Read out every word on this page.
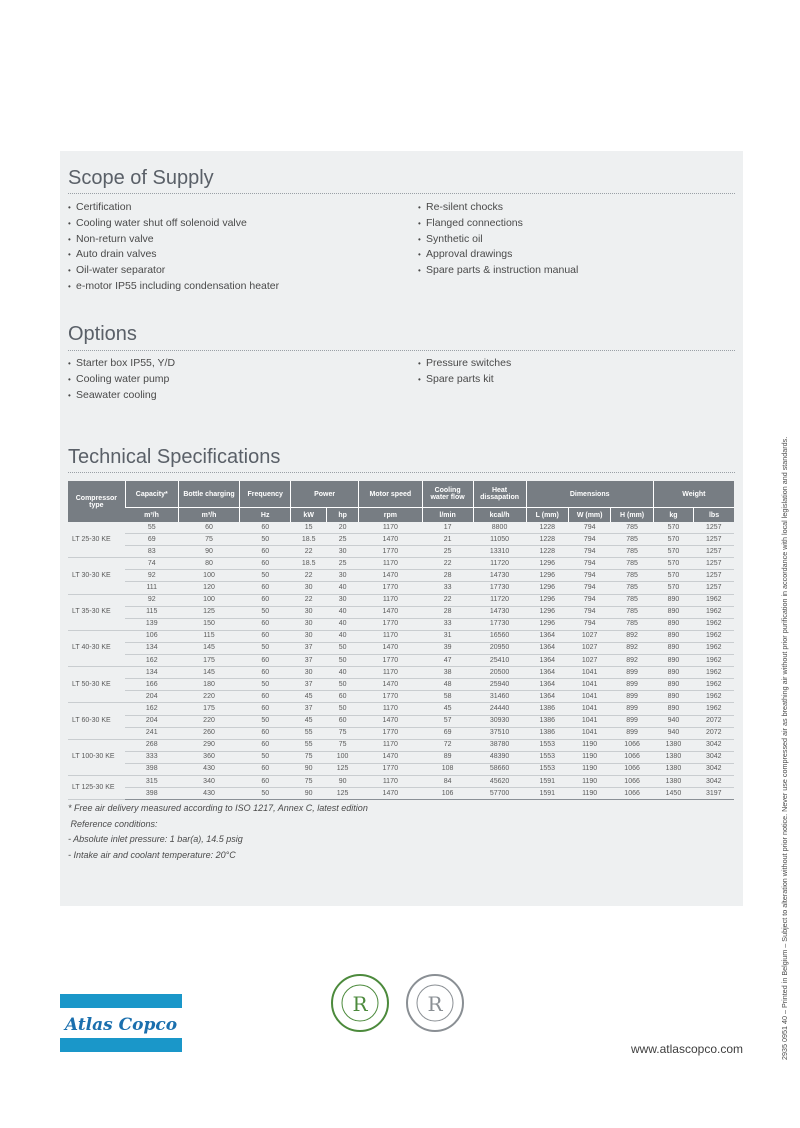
Scope of Supply
• Certification
• Cooling water shut off solenoid valve
• Non-return valve
• Auto drain valves
• Oil-water separator
• e-motor IP55 including condensation heater
• Re-silent chocks
• Flanged connections
• Synthetic oil
• Approval drawings
• Spare parts & instruction manual
Options
• Starter box IP55, Y/D
• Cooling water pump
• Seawater cooling
• Pressure switches
• Spare parts kit
Technical Specifications
Compressor type	Capacity*	Bottle charging	Frequency	Power		Motor speed	Cooling water flow	Heat dissapation	Dimensions			Weight	
	m³/h	m³/h	Hz	kW	hp	rpm	l/min	kcal/h	L (mm)	W (mm)	H (mm)	kg	lbs
LT 25-30 KE	55	60	60	15	20	1170	17	8800	1228	794	785	570	1257
	69	75	50	18.5	25	1470	21	11050	1228	794	785	570	1257
	83	90	60	22	30	1770	25	13310	1228	794	785	570	1257
LT 30-30 KE	74	80	60	18.5	25	1170	22	11720	1296	794	785	570	1257
	92	100	50	22	30	1470	28	14730	1296	794	785	570	1257
	111	120	60	30	40	1770	33	17730	1296	794	785	570	1257
LT 35-30 KE	92	100	60	22	30	1170	22	11720	1296	794	785	890	1962
	115	125	50	30	40	1470	28	14730	1296	794	785	890	1962
	139	150	60	30	40	1770	33	17730	1296	794	785	890	1962
LT 40-30 KE	106	115	60	30	40	1170	31	16560	1364	1027	892	890	1962
	134	145	50	37	50	1470	39	20950	1364	1027	892	890	1962
	162	175	60	37	50	1770	47	25410	1364	1027	892	890	1962
LT 50-30 KE	134	145	60	30	40	1170	38	20500	1364	1041	899	890	1962
	166	180	50	37	50	1470	48	25940	1364	1041	899	890	1962
	204	220	60	45	60	1770	58	31460	1364	1041	899	890	1962
LT 60-30 KE	162	175	60	37	50	1170	45	24440	1386	1041	899	890	1962
	204	220	50	45	60	1470	57	30930	1386	1041	899	940	2072
	241	260	60	55	75	1770	69	37510	1386	1041	899	940	2072
LT 100-30 KE	268	290	60	55	75	1170	72	38780	1553	1190	1066	1380	3042
	333	360	50	75	100	1470	89	48390	1553	1190	1066	1380	3042
	398	430	60	90	125	1770	108	58660	1553	1190	1066	1380	3042
LT 125-30 KE	315	340	60	75	90	1170	84	45620	1591	1190	1066	1380	3042
	398	430	50	90	125	1470	106	57700	1591	1190	1066	1450	3197
* Free air delivery measured according to ISO 1217, Annex C, latest edition
Reference conditions:
- Absolute inlet pressure: 1 bar(a), 14.5 psig
- Intake air and coolant temperature: 20°C	2935 0951 40 – Printed in Belgium – Subject to alteration without prior notice. Never use compressed air as breathing air without prior purification in accordance with local legislation and standards.
Atlas Copco
R	R
www.atlascopco.com
